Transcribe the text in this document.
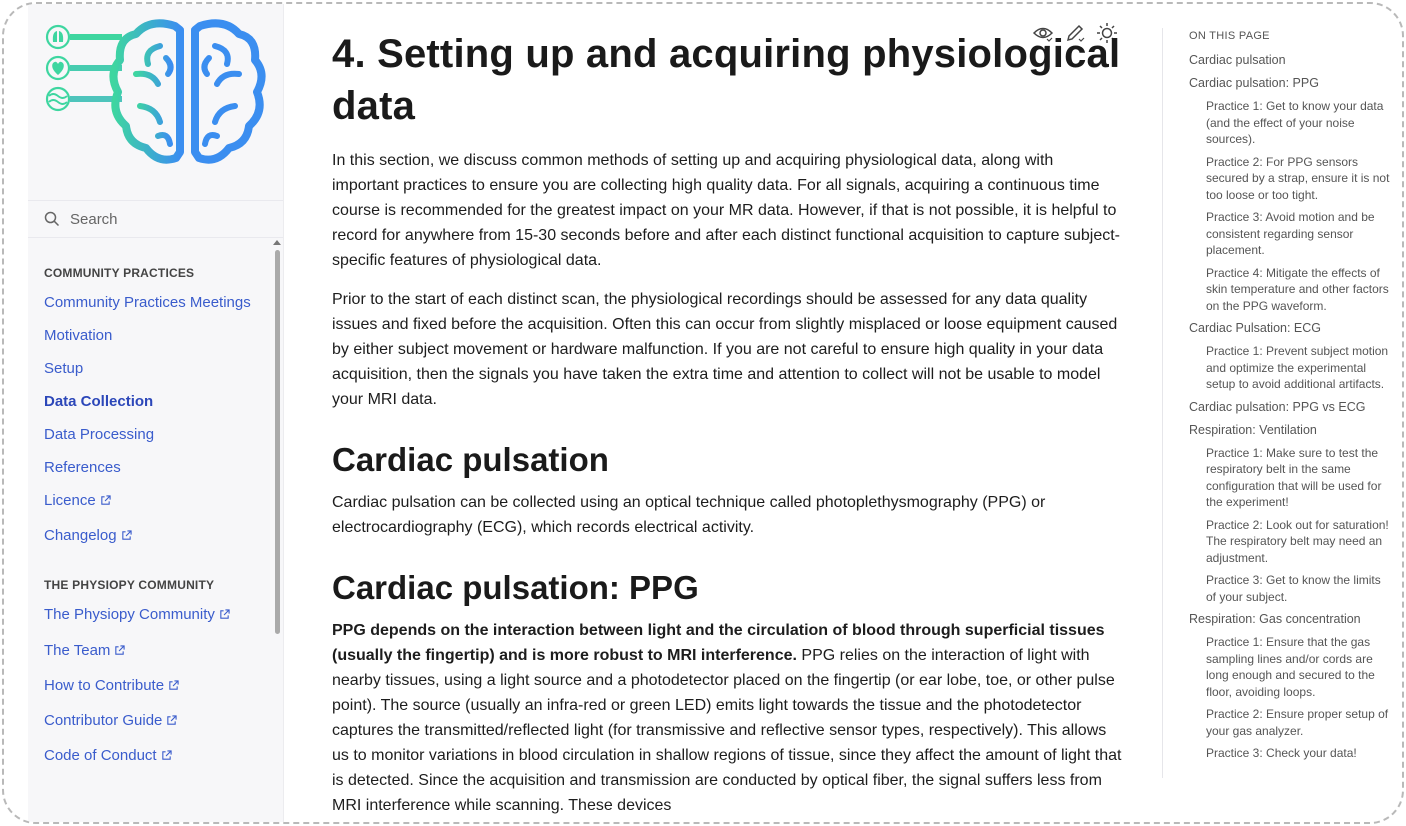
Search
COMMUNITY PRACTICES
Community Practices Meetings
Motivation
Setup
Data Collection
Data Processing
References
Licence
Changelog
THE PHYSIOPY COMMUNITY
The Physiopy Community
The Team
How to Contribute
Contributor Guide
Code of Conduct
4. Setting up and acquiring physiological data

In this section, we discuss common methods of setting up and acquiring physiological data, along with important practices to ensure you are collecting high quality data. For all signals, acquiring a continuous time course is recommended for the greatest impact on your MR data. However, if that is not possible, it is helpful to record for anywhere from 15-30 seconds before and after each distinct functional acquisition to capture subject-specific features of physiological data.

Prior to the start of each distinct scan, the physiological recordings should be assessed for any data quality issues and fixed before the acquisition. Often this can occur from slightly misplaced or loose equipment caused by either subject movement or hardware malfunction. If you are not careful to ensure high quality in your data acquisition, then the signals you have taken the extra time and attention to collect will not be usable to model your MRI data.

Cardiac pulsation

Cardiac pulsation can be collected using an optical technique called photoplethysmography (PPG) or electrocardiography (ECG), which records electrical activity.

Cardiac pulsation: PPG

PPG depends on the interaction between light and the circulation of blood through superficial tissues (usually the fingertip) and is more robust to MRI interference. PPG relies on the interaction of light with nearby tissues, using a light source and a photodetector placed on the fingertip (or ear lobe, toe, or other pulse point). The source (usually an infra-red or green LED) emits light towards the tissue and the photodetector captures the transmitted/reflected light (for transmissive and reflective sensor types, respectively). This allows us to monitor variations in blood circulation in shallow regions of tissue, since they affect the amount of light that is detected. Since the acquisition and transmission are conducted by optical fiber, the signal suffers less from MRI interference while scanning. These devices

ON THIS PAGE
Cardiac pulsation
Cardiac pulsation: PPG
Practice 1: Get to know your data (and the effect of your noise sources).
Practice 2: For PPG sensors secured by a strap, ensure it is not too loose or too tight.
Practice 3: Avoid motion and be consistent regarding sensor placement.
Practice 4: Mitigate the effects of skin temperature and other factors on the PPG waveform.
Cardiac Pulsation: ECG
Practice 1: Prevent subject motion and optimize the experimental setup to avoid additional artifacts.
Cardiac pulsation: PPG vs ECG
Respiration: Ventilation
Practice 1: Make sure to test the respiratory belt in the same configuration that will be used for the experiment!
Practice 2: Look out for saturation! The respiratory belt may need an adjustment.
Practice 3: Get to know the limits of your subject.
Respiration: Gas concentration
Practice 1: Ensure that the gas sampling lines and/or cords are long enough and secured to the floor, avoiding loops.
Practice 2: Ensure proper setup of your gas analyzer.
Practice 3: Check your data!
